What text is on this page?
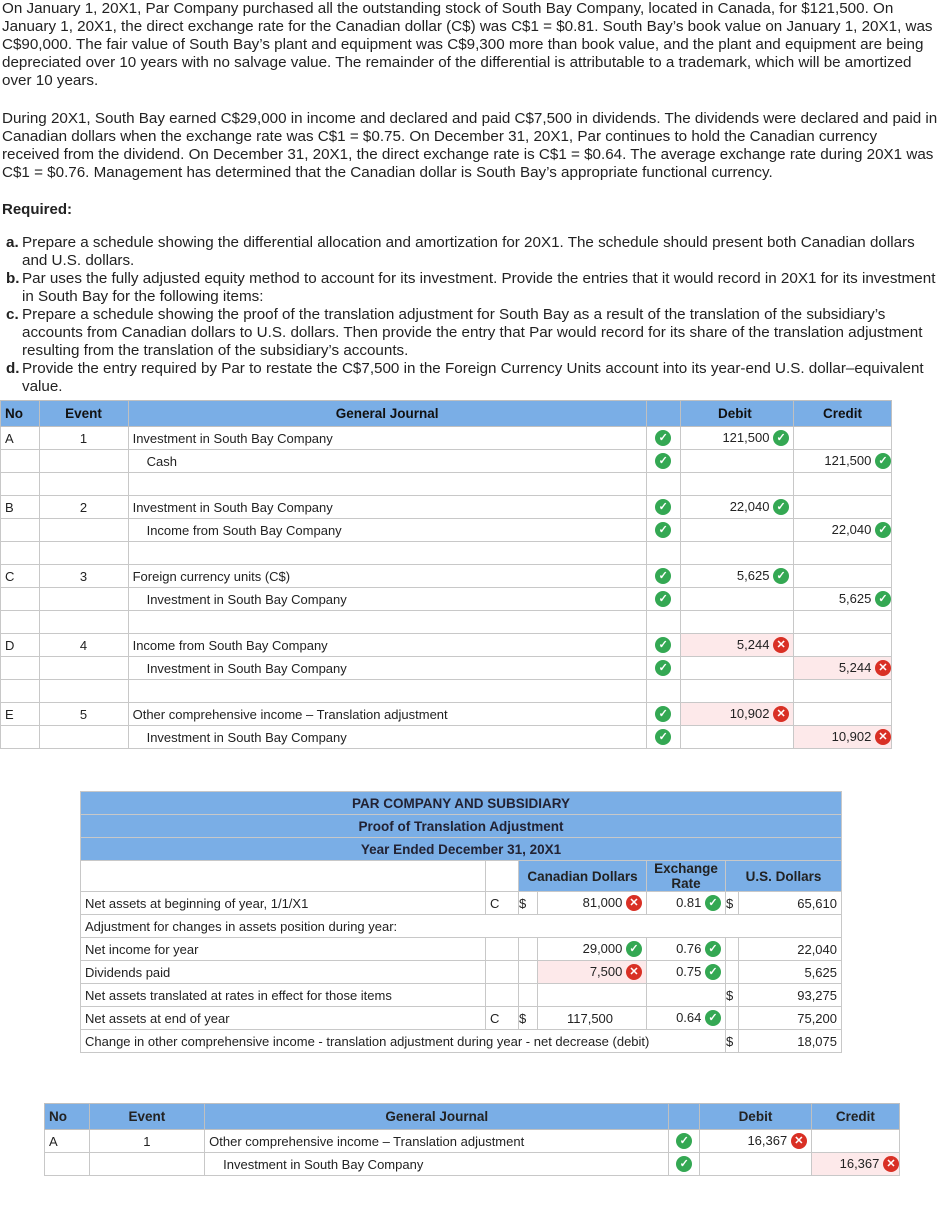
On January 1, 20X1, Par Company purchased all the outstanding stock of South Bay Company, located in Canada, for $121,500. On January 1, 20X1, the direct exchange rate for the Canadian dollar (C$) was C$1 = $0.81. South Bay’s book value on January 1, 20X1, was C$90,000. The fair value of South Bay’s plant and equipment was C$9,300 more than book value, and the plant and equipment are being depreciated over 10 years with no salvage value. The remainder of the differential is attributable to a trademark, which will be amortized over 10 years.

During 20X1, South Bay earned C$29,000 in income and declared and paid C$7,500 in dividends. The dividends were declared and paid in Canadian dollars when the exchange rate was C$1 = $0.75. On December 31, 20X1, Par continues to hold the Canadian currency received from the dividend. On December 31, 20X1, the direct exchange rate is C$1 = $0.64. The average exchange rate during 20X1 was C$1 = $0.76. Management has determined that the Canadian dollar is South Bay’s appropriate functional currency.

Required:
a. Prepare a schedule showing the differential allocation and amortization for 20X1. The schedule should present both Canadian dollars and U.S. dollars.
b. Par uses the fully adjusted equity method to account for its investment. Provide the entries that it would record in 20X1 for its investment in South Bay for the following items:
c. Prepare a schedule showing the proof of the translation adjustment for South Bay as a result of the translation of the subsidiary’s accounts from Canadian dollars to U.S. dollars. Then provide the entry that Par would record for its share of the translation adjustment resulting from the translation of the subsidiary’s accounts.
d. Provide the entry required by Par to restate the C$7,500 in the Foreign Currency Units account into its year-end U.S. dollar–equivalent value.
No	Event	General Journal		Debit	Credit
A	1	Investment in South Bay Company	✓	121,500 ✓	
		Cash	✓		121,500 ✓

B	2	Investment in South Bay Company	✓	22,040 ✓	
		Income from South Bay Company	✓		22,040 ✓

C	3	Foreign currency units (C$)	✓	5,625 ✓	
		Investment in South Bay Company	✓		5,625 ✓

D	4	Income from South Bay Company	✓	5,244 ✕	
		Investment in South Bay Company	✓		5,244 ✕

E	5	Other comprehensive income – Translation adjustment	✓	10,902 ✕	
		Investment in South Bay Company	✓		10,902 ✕
PAR COMPANY AND SUBSIDIARY						
Proof of Translation Adjustment						
Year Ended December 31, 20X1						
		Canadian Dollars		Exchange Rate	U.S. Dollars	
Net assets at beginning of year, 1/1/X1	C	$	81,000 ✕	0.81 ✓	$	65,610
Adjustment for changes in assets position during year:						
Net income for year			29,000 ✓	0.76 ✓		22,040
Dividends paid			7,500 ✕	0.75 ✓		5,625
Net assets translated at rates in effect for those items					$	93,275
Net assets at end of year	C	$	117,500	0.64 ✓		75,200
Change in other comprehensive income - translation adjustment during year - net decrease (debit)					$	18,075
No	Event	General Journal		Debit	Credit
A	1	Other comprehensive income – Translation adjustment	✓	16,367 ✕	
		Investment in South Bay Company	✓		16,367 ✕
